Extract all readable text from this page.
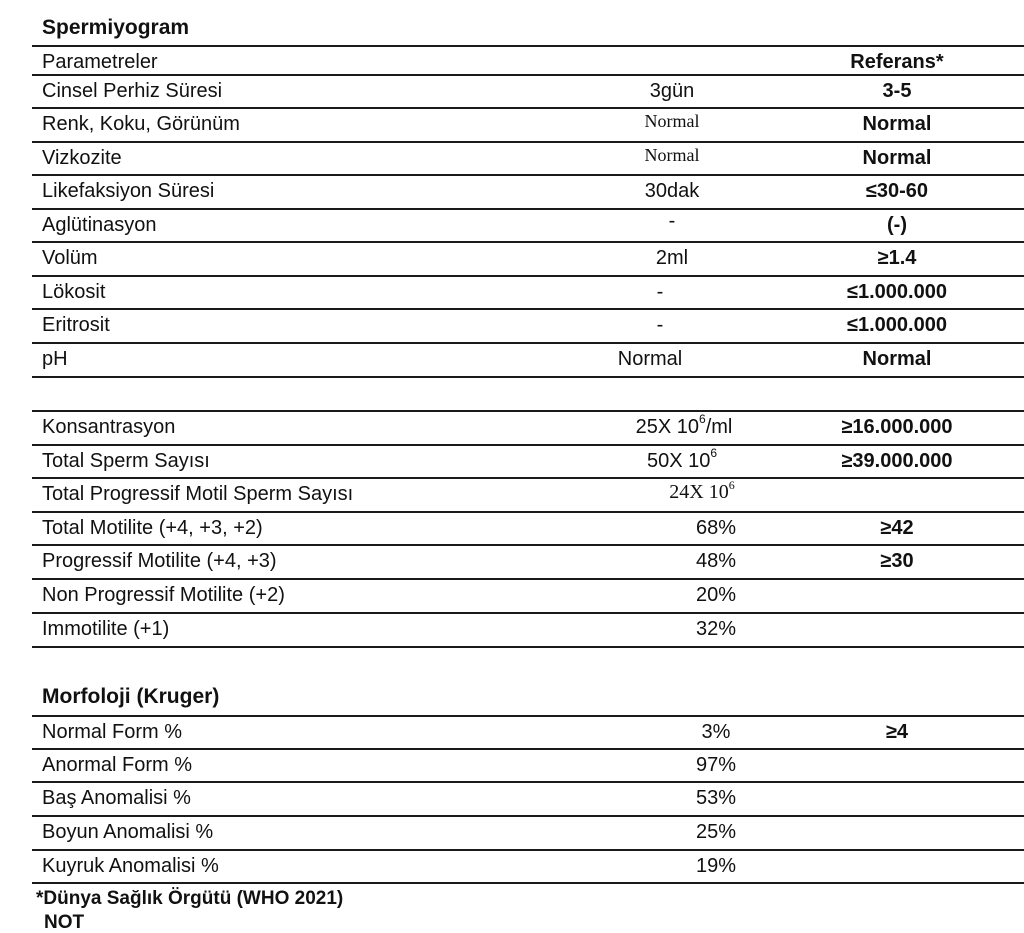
Spermiyogram
Parametreler	Referans*
Cinsel Perhiz Süresi	3gün	3-5
Renk, Koku, Görünüm	Normal	Normal
Vizkozite	Normal	Normal
Likefaksiyon Süresi	30dak	≤30-60
Aglütinasyon	-	(-)
Volüm	2ml	≥1.4
Lökosit	-	≤1.000.000
Eritrosit	-	≤1.000.000
pH	Normal	Normal
Konsantrasyon	25X $10^6/ml$	≥16.000.000
Total Sperm Sayısı	50X $10^6$	≥39.000.000
Total Progressif Motil Sperm Sayısı	24X $10^6$
Total Motilite (+4, +3, +2)	68%	≥42
Progressif Motilite (+4, +3)	48%	≥30
Non Progressif Motilite (+2)	20%
Immotilite (+1)	32%
Morfoloji (Kruger)
Normal Form %	3%	≥4
Anormal Form %	97%
Baş Anomalisi %	53%
Boyun Anomalisi %	25%
Kuyruk Anomalisi %	19%
*Dünya Sağlık Örgütü (WHO 2021)
NOT
